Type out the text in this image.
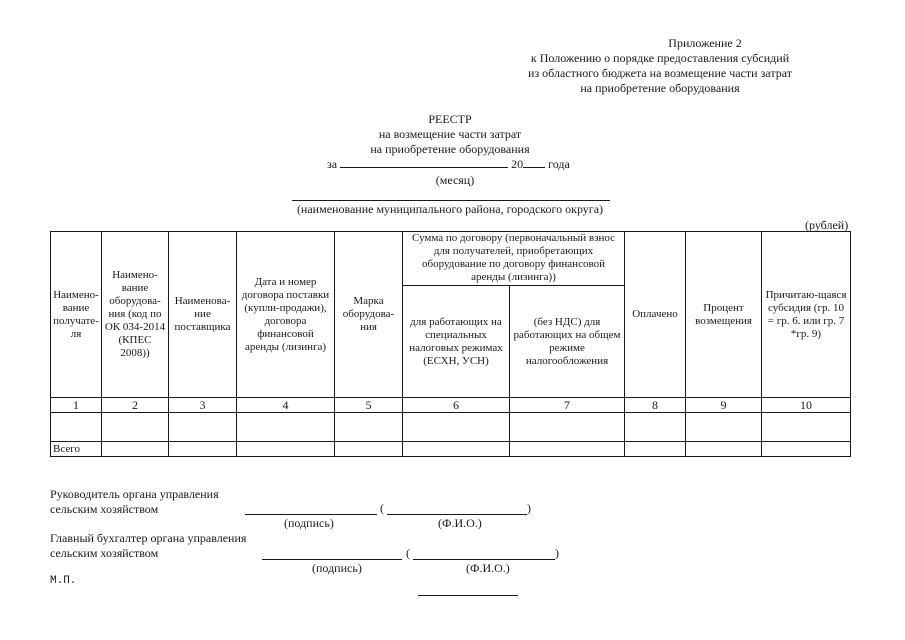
Приложение 2
к Положению о порядке предоставления субсидий
из областного бюджета на возмещение части затрат
на приобретение оборудования
РЕЕСТР
на возмещение части затрат
на приобретение оборудования
за	20 года
(месяц)
(наименование муниципального района, городского округа)
(рублей)
Наимено-вание получате-ля	Наимено-вание оборудова-ния (код по ОК 034-2014 (КПЕС 2008))	Наименова-ние поставщика	Дата и номер договора поставки (купли-продажи), договора финансовой аренды (лизинга)	Марка оборудова-ния	Сумма по договору (первоначальный взнос для получателей, приобретающих оборудование по договору финансовой аренды (лизинга))		Оплачено	Процент возмещения	Причитаю-щаяся субсидия (гр. 10 = гр. 6. или гр. 7 *гр. 9)
					для работающих на специальных налоговых режимах (ЕСХН, УСН)	(без НДС) для работающих на общем режиме налогообложения			
1	2	3	4	5	6	7	8	9	10

Всего									
Руководитель органа управления
сельским хозяйством	(	)
(подпись)	(Ф.И.О.)
Главный бухгалтер органа управления
сельским хозяйством	(	)
(подпись)	(Ф.И.О.)
М.П.
